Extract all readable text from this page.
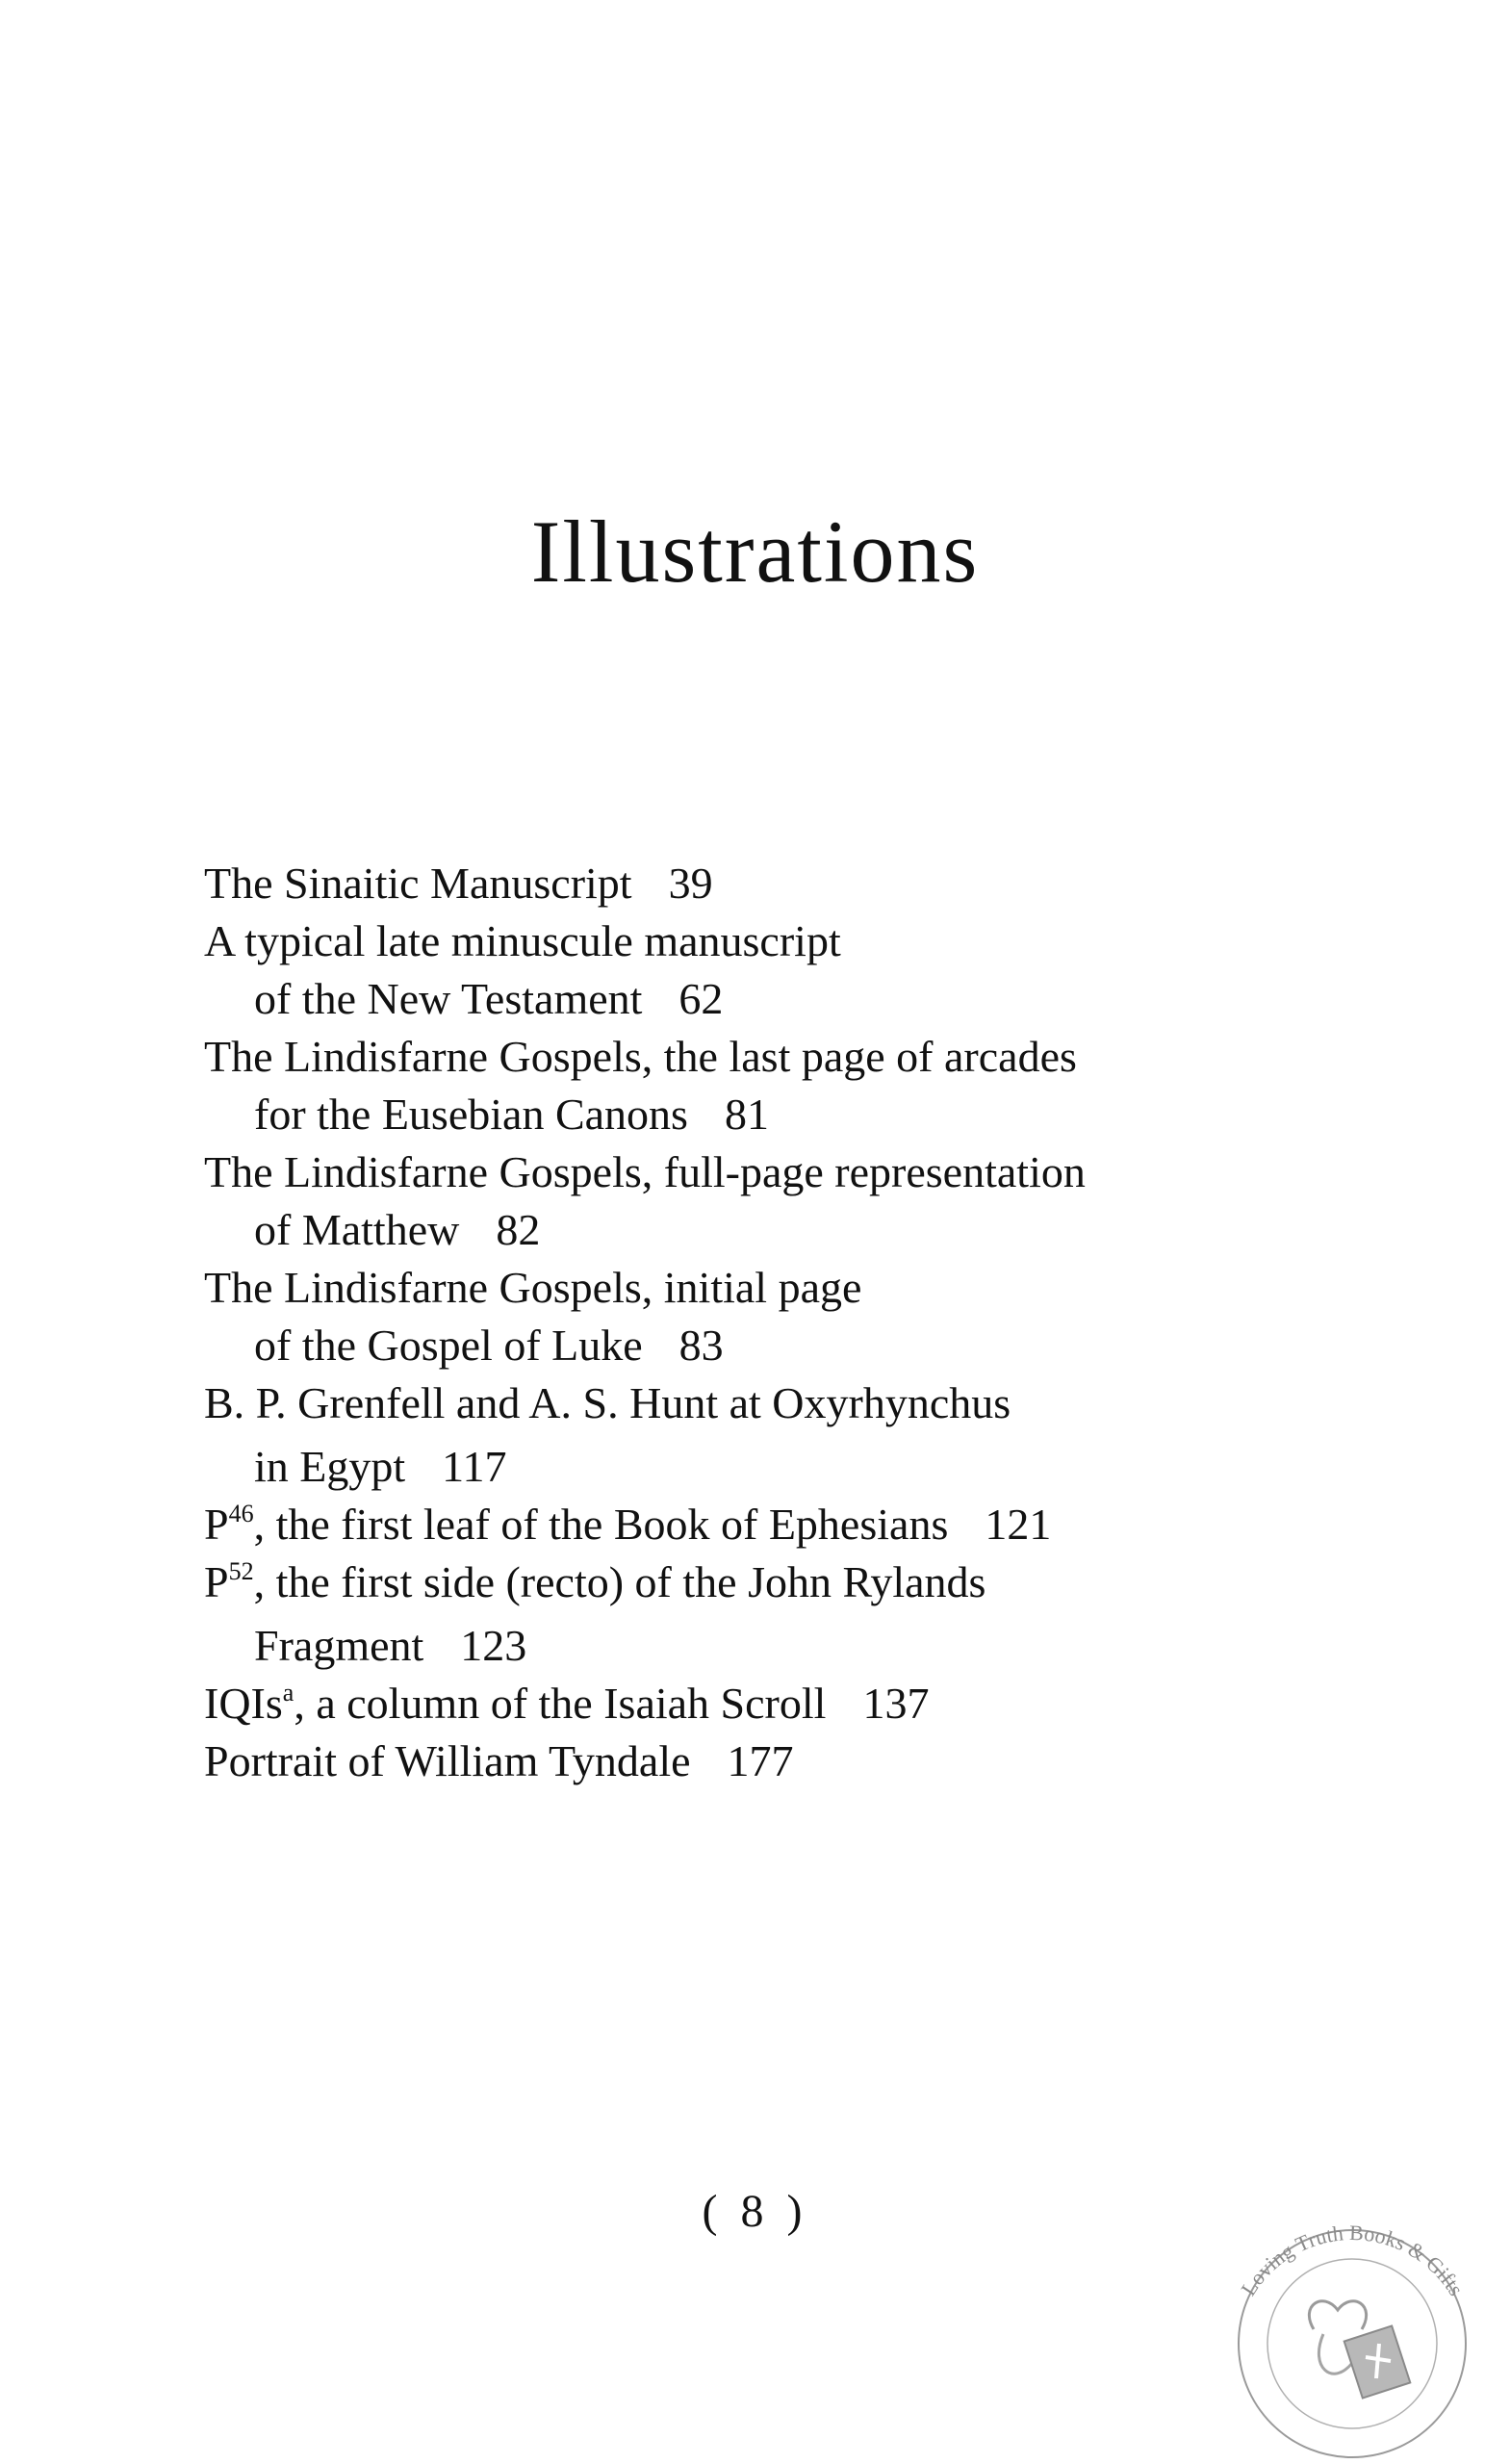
Illustrations
The Sinaitic Manuscript 39
A typical late minuscule manuscript
of the New Testament 62
The Lindisfarne Gospels, the last page of arcades
for the Eusebian Canons 81
The Lindisfarne Gospels, full-page representation
of Matthew 82
The Lindisfarne Gospels, initial page
of the Gospel of Luke 83
B. P. Grenfell and A. S. Hunt at Oxyrhynchus
in Egypt 117
$P^{46}$, the first leaf of the Book of Ephesians 121
$P^{52}$, the first side (recto) of the John Rylands
Fragment 123
IQIs$^a$, a column of the Isaiah Scroll 137
Portrait of William Tyndale 177
( 8 )
Loving Truth Books & Gifts
